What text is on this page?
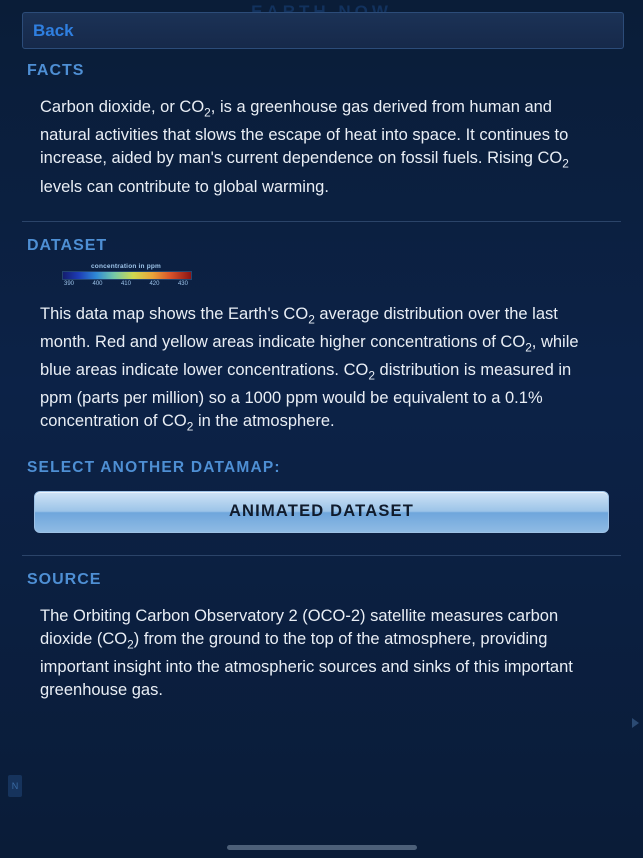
Back
FACTS

Carbon dioxide, or $CO_2$, is a greenhouse gas derived from human and natural activities that slows the escape of heat into space. It continues to increase, aided by man's current dependence on fossil fuels. Rising $CO_2$ levels can contribute to global warming.

DATASET
concentration in ppm
390	400	410	420	430

This data map shows the Earth's $CO_2$ average distribution over the last month. Red and yellow areas indicate higher concentrations of $CO_2$, while blue areas indicate lower concentrations. $CO_2$ distribution is measured in ppm (parts per million) so a 1000 ppm would be equivalent to a 0.1% concentration of $CO_2$ in the atmosphere.

SELECT ANOTHER DATAMAP:
ANIMATED DATASET
SOURCE

The Orbiting Carbon Observatory 2 (OCO-2) satellite measures carbon dioxide $(CO_2)$ from the ground to the top of the atmosphere, providing important insight into the atmospheric sources and sinks of this important greenhouse gas.

N
